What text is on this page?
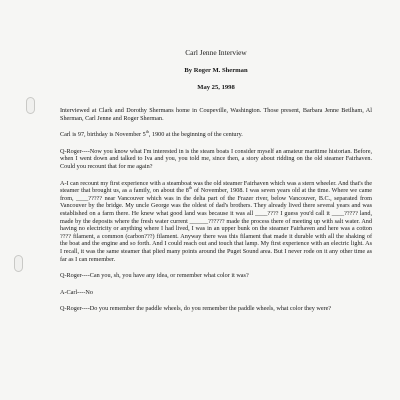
Carl Jenne Interview
By Roger M. Sherman
May 25, 1998

Interviewed at Clark and Dorothy Shermans home in Coupeville, Washington. Those present, Barbara Jenne Betlham, Al Sherman, Carl Jenne and Roger Sherman.

Carl is 97, birthday is November 5th, 1900 at the beginning of the century.

Q-Roger----Now you know what I'm interested in is the steam boats I consider myself an amateur maritime historian. Before, when I went down and talked to Iva and you, you told me, since then, a story about ridding on the old steamer Fairhaven. Could you recount that for me again?

A-I can recount my first experience with a steamboat was the old steamer Fairhaven which was a stern wheeler. And that's the steamer that brought us, as a family, on about the 8th of November, 1908. I was seven years old at the time. Where we came from, ____????? near Vancouver which was in the delta part of the Frazer river, below Vancouver, B.C., separated from Vancouver by the bridge. My uncle George was the oldest of dad's brothers. They already lived there several years and was established on a farm there. He knew what good land was because it was all ____???? I guess you'd call it ____????? land, made by the deposits where the fresh water current ______?????? made the process there of meeting up with salt water. And having no electricity or anything where I had lived, I was in an upper bunk on the steamer Fairhaven and here was a cotton ???? filament, a common (carbon???) filament. Anyway there was this filament that made it durable with all the shaking of the boat and the engine and so forth. And I could reach out and touch that lamp. My first experience with an electric light. As I recall, it was the same steamer that plied many points around the Puget Sound area. But I never rode on it any other time as far as I can remember.

Q-Roger----Can you, sh, you have any idea, or remember what color it was?

A-Carl----No

Q-Roger----Do you remember the paddle wheels, do you remember the paddle wheels, what color they were?
